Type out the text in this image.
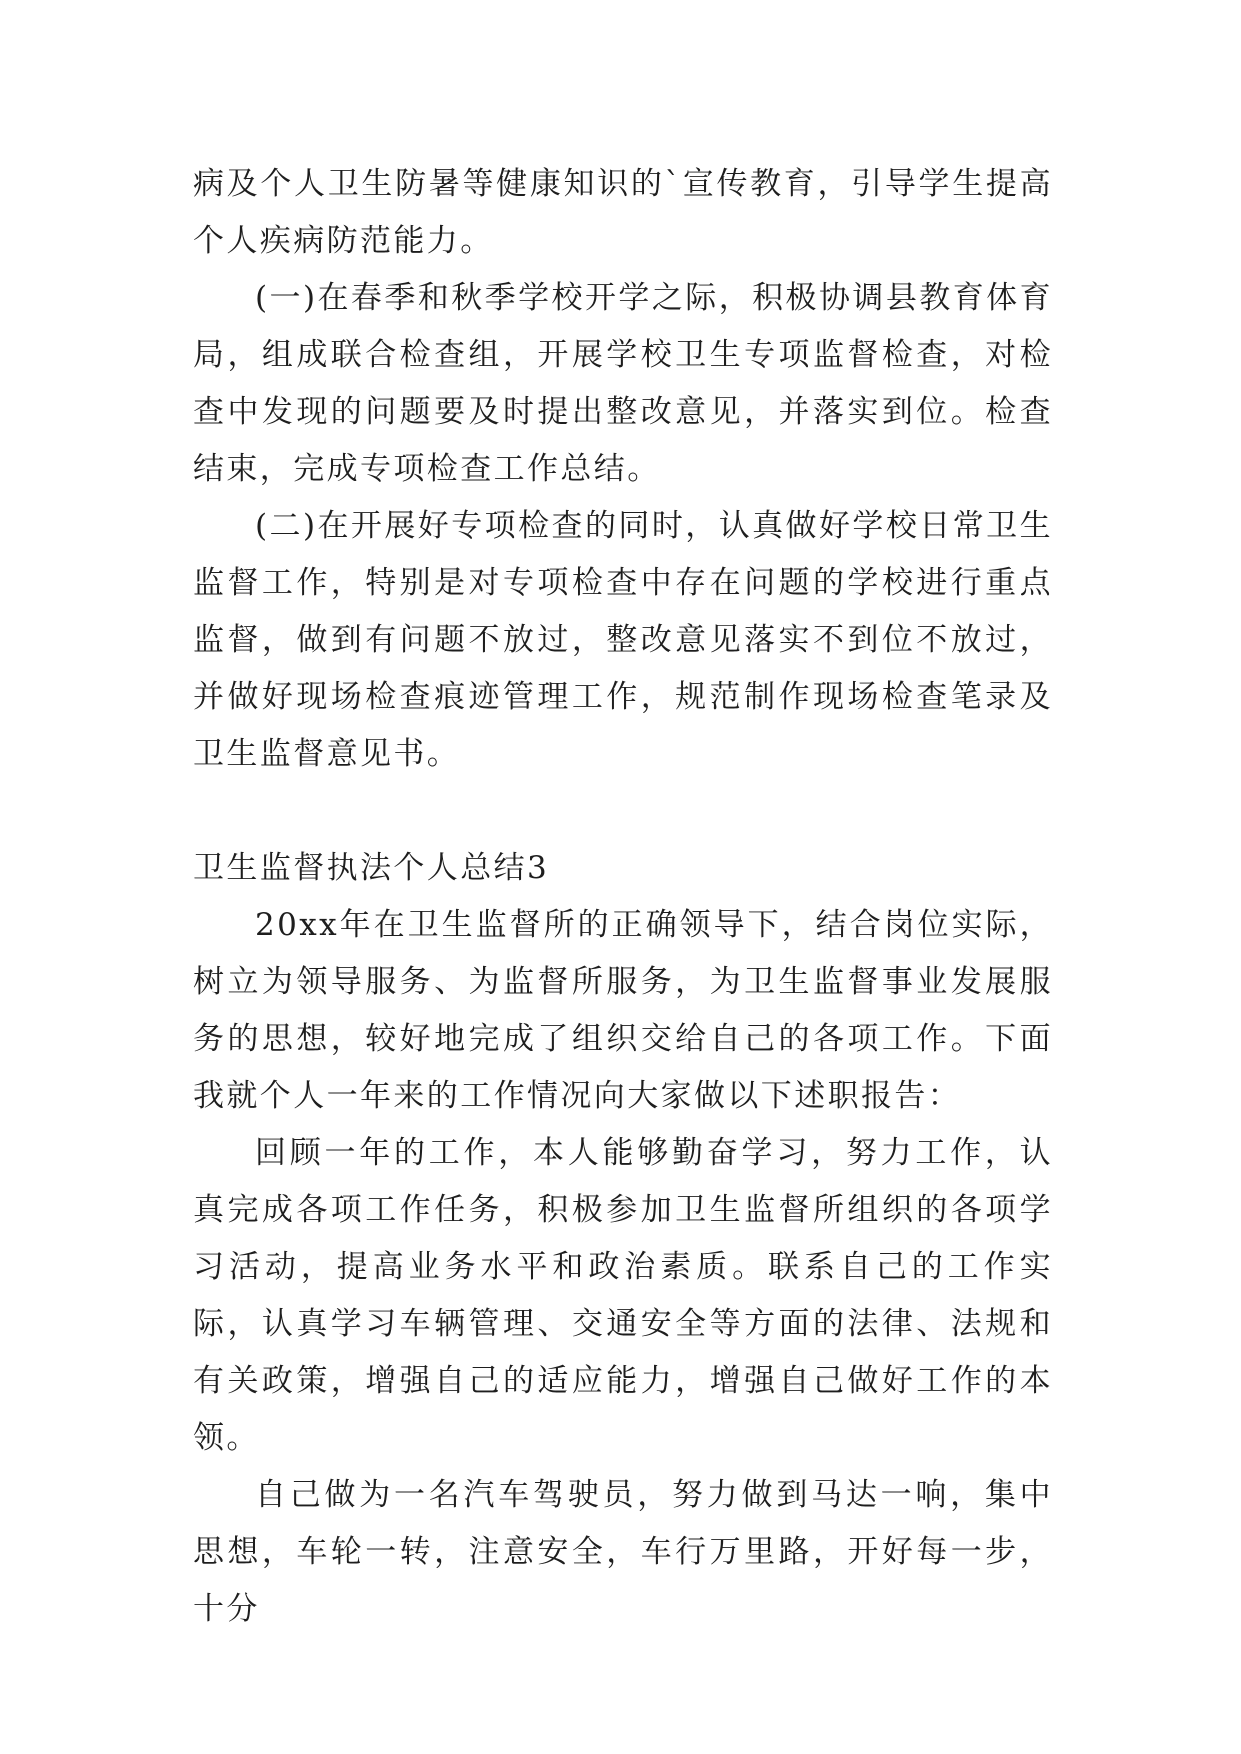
病及个人卫生防暑等健康知识的`宣传教育，引导学生提高个人疾病防范能力。

(一)在春季和秋季学校开学之际，积极协调县教育体育局，组成联合检查组，开展学校卫生专项监督检查，对检查中发现的问题要及时提出整改意见，并落实到位。检查结束，完成专项检查工作总结。

(二)在开展好专项检查的同时，认真做好学校日常卫生监督工作，特别是对专项检查中存在问题的学校进行重点监督，做到有问题不放过，整改意见落实不到位不放过，并做好现场检查痕迹管理工作，规范制作现场检查笔录及卫生监督意见书。

卫生监督执法个人总结3

20xx年在卫生监督所的正确领导下，结合岗位实际，树立为领导服务、为监督所服务，为卫生监督事业发展服务的思想，较好地完成了组织交给自己的各项工作。下面我就个人一年来的工作情况向大家做以下述职报告：

回顾一年的工作，本人能够勤奋学习，努力工作，认真完成各项工作任务，积极参加卫生监督所组织的各项学习活动，提高业务水平和政治素质。联系自己的工作实际，认真学习车辆管理、交通安全等方面的法律、法规和有关政策，增强自己的适应能力，增强自己做好工作的本领。

自己做为一名汽车驾驶员，努力做到马达一响，集中思想，车轮一转，注意安全，车行万里路，开好每一步，十分
